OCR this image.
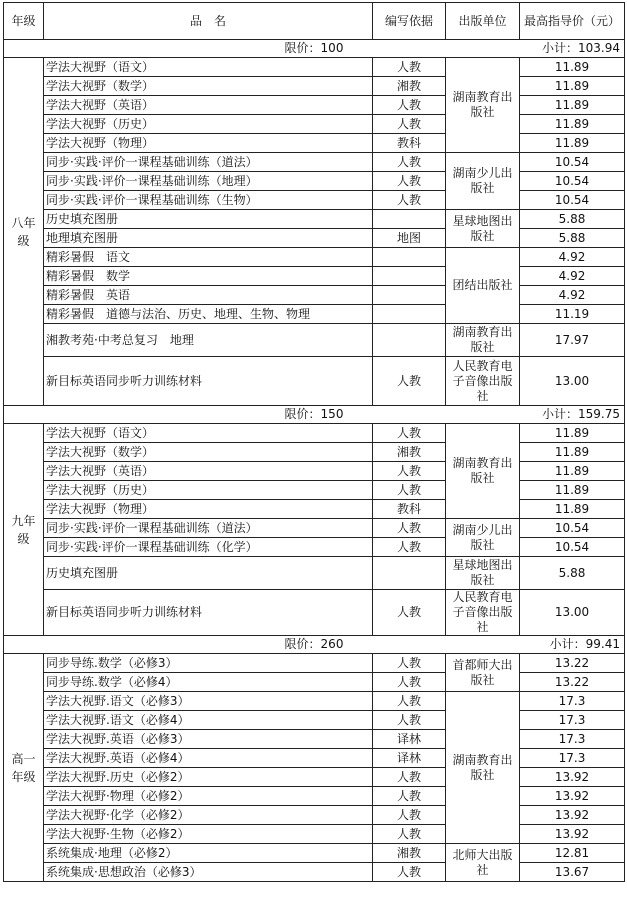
年级	品　名	编写依据	出版单位	最高指导价（元）

限价：100 小计：103.94				

八年级	学法大视野（语文）	人教	湖南教育出版社	11.89
	学法大视野（数学）	湘教		11.89
	学法大视野（英语）	人教		11.89
	学法大视野（历史）	人教		11.89
	学法大视野（物理）	教科		11.89
	同步·实践·评价一课程基础训练（道法）	人教	湖南少儿出版社	10.54
	同步·实践·评价一课程基础训练（地理）	人教		10.54
	同步·实践·评价一课程基础训练（生物）	人教		10.54
	历史填充图册		星球地图出版社	5.88
	地理填充图册	地图		5.88
	精彩暑假　语文		团结出版社	4.92
	精彩暑假　数学			4.92
	精彩暑假　英语			4.92
	精彩暑假　道德与法治、历史、地理、生物、物理			11.19
	湘教考苑·中考总复习　地理		湖南教育出版社	17.97
	新目标英语同步听力训练材料	人教	人民教育电子音像出版社	13.00

限价：150 小计：159.75				

九年级	学法大视野（语文）	人教	湖南教育出版社	11.89
	学法大视野（数学）	湘教		11.89
	学法大视野（英语）	人教		11.89
	学法大视野（历史）	人教		11.89
	学法大视野（物理）	教科		11.89
	同步·实践·评价一课程基础训练（道法）	人教	湖南少儿出版社	10.54
	同步·实践·评价一课程基础训练（化学）	人教		10.54
	历史填充图册		星球地图出版社	5.88
	新目标英语同步听力训练材料	人教	人民教育电子音像出版社	13.00

限价：260 小计：99.41				

高一年级	同步导练.数学（必修3）	人教	首都师大出版社	13.22
	同步导练.数学（必修4）	人教		13.22
	学法大视野.语文（必修3）	人教	湖南教育出版社	17.3
	学法大视野.语文（必修4）	人教		17.3
	学法大视野.英语（必修3）	译林		17.3
	学法大视野.英语（必修4）	译林		17.3
	学法大视野.历史（必修2）	人教		13.92
	学法大视野·物理（必修2）	人教		13.92
	学法大视野·化学（必修2）	人教		13.92
	学法大视野·生物（必修2）	人教		13.92
	系统集成·地理（必修2）	湘教	北师大出版社	12.81
	系统集成·思想政治（必修3）	人教		13.67
